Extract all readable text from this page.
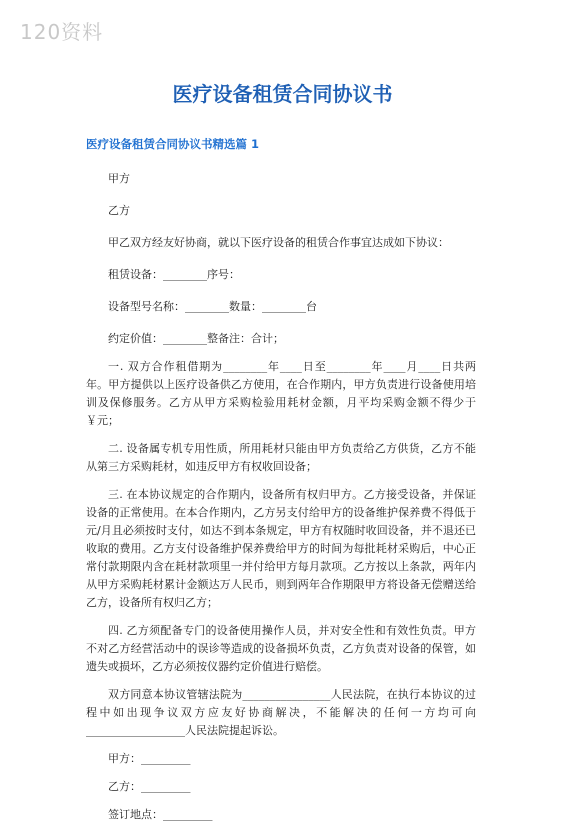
120资料
医疗设备租赁合同协议书
医疗设备租赁合同协议书精选篇 1
甲方
乙方
甲乙双方经友好协商，就以下医疗设备的租赁合作事宜达成如下协议：
租赁设备：________序号：
设备型号名称：________数量：________台
约定价值：________整备注：合计；
一. 双方合作租借期为________年____日至________年____月____日共两年。甲方提供以上医疗设备供乙方使用，在合作期内，甲方负责进行设备使用培训及保修服务。乙方从甲方采购检验用耗材金额，月平均采购金额不得少于￥元；
二. 设备属专机专用性质，所用耗材只能由甲方负责给乙方供货，乙方不能从第三方采购耗材，如违反甲方有权收回设备；
三. 在本协议规定的合作期内，设备所有权归甲方。乙方接受设备，并保证设备的正常使用。在本合作期内，乙方另支付给甲方的设备维护保养费不得低于元/月且必须按时支付，如达不到本条规定，甲方有权随时收回设备，并不退还已收取的费用。乙方支付设备维护保养费给甲方的时间为每批耗材采购后，中心正常付款期限内含在耗材款项里一并付给甲方每月款项。乙方按以上条款，两年内从甲方采购耗材累计金额达万人民币，则到两年合作期限甲方将设备无偿赠送给乙方，设备所有权归乙方；
四. 乙方须配备专门的设备使用操作人员，并对安全性和有效性负责。甲方不对乙方经营活动中的误诊等造成的设备损坏负责，乙方负责对设备的保管，如遗失或损坏，乙方必须按仪器约定价值进行赔偿。
双方同意本协议管辖法院为________________人民法院，在执行本协议的过程中如出现争议双方应友好协商解决，不能解决的任何一方均可向__________________人民法院提起诉讼。
甲方：_________
乙方：_________
签订地点：_________
